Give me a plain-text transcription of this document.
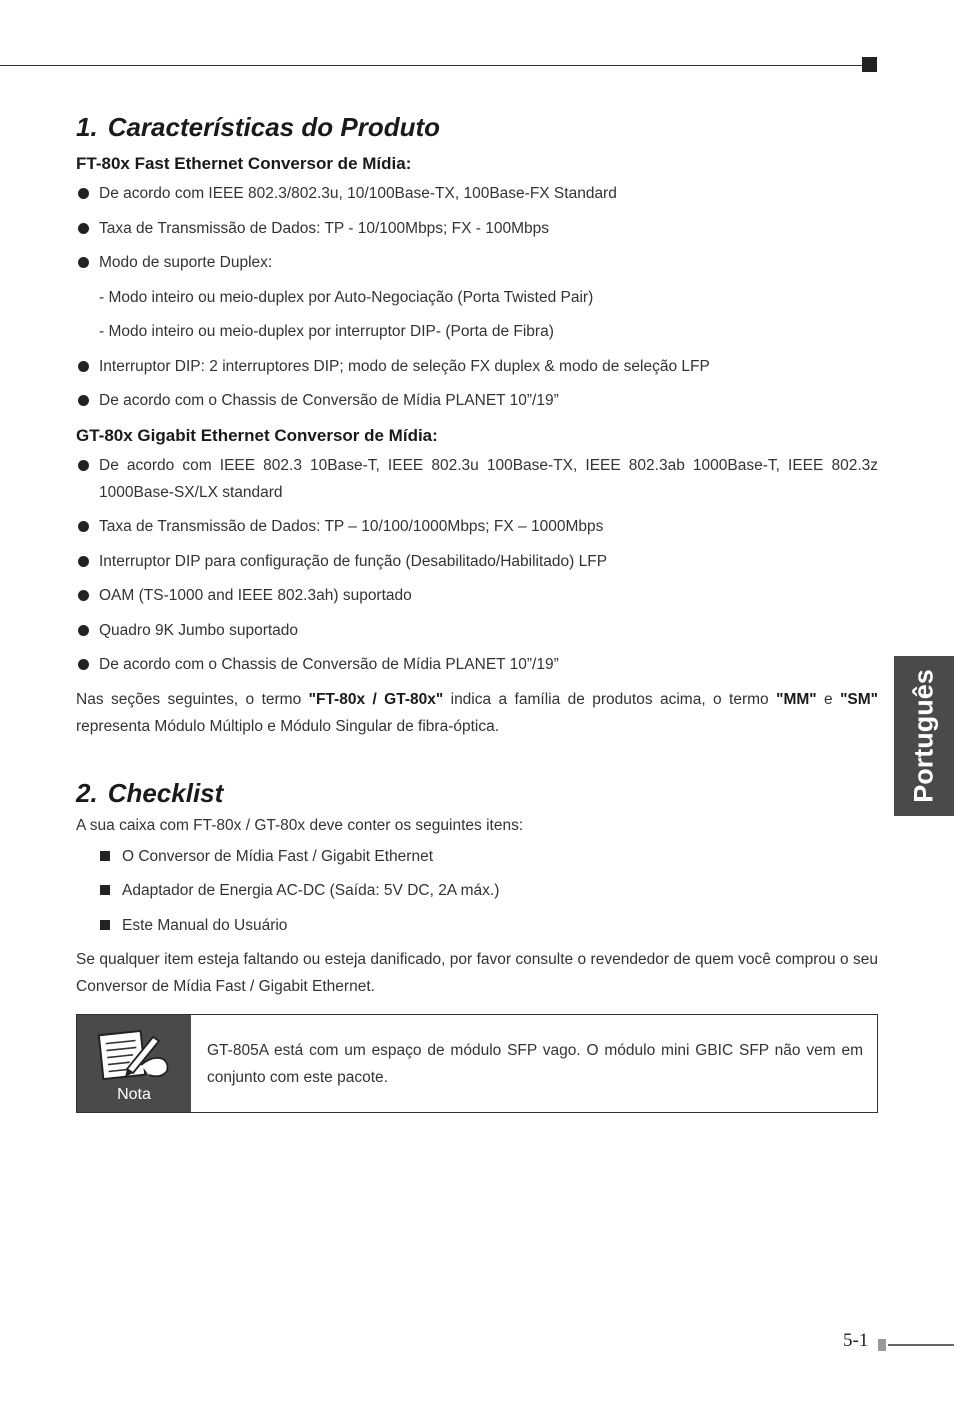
Português
1. Características do Produto
FT-80x Fast Ethernet Conversor de Mídia:
De acordo com IEEE 802.3/802.3u, 10/100Base-TX, 100Base-FX Standard
Taxa de Transmissão de Dados: TP - 10/100Mbps; FX - 100Mbps
Modo de suporte Duplex:
- Modo inteiro ou meio-duplex por Auto-Negociação (Porta Twisted Pair)
- Modo inteiro ou meio-duplex por interruptor DIP- (Porta de Fibra)
Interruptor DIP: 2 interruptores DIP; modo de seleção FX duplex & modo de seleção LFP
De acordo com o Chassis de Conversão de Mídia PLANET 10”/19”
GT-80x Gigabit Ethernet Conversor de Mídia:
De acordo com IEEE 802.3 10Base-T, IEEE 802.3u 100Base-TX, IEEE 802.3ab 1000Base-T, IEEE 802.3z 1000Base-SX/LX standard
Taxa de Transmissão de Dados: TP – 10/100/1000Mbps; FX – 1000Mbps
Interruptor DIP para configuração de função (Desabilitado/Habilitado) LFP
OAM (TS-1000 and IEEE 802.3ah) suportado
Quadro 9K Jumbo suportado
De acordo com o Chassis de Conversão de Mídia PLANET 10”/19”

Nas seções seguintes, o termo "FT-80x / GT-80x" indica a família de produtos acima, o termo "MM" e "SM" representa Módulo Múltiplo e Módulo Singular de fibra-óptica.

2. Checklist

A sua caixa com FT-80x / GT-80x deve conter os seguintes itens:

O Conversor de Mídia Fast / Gigabit Ethernet
Adaptador de Energia AC-DC (Saída: 5V DC, 2A máx.)
Este Manual do Usuário

Se qualquer item esteja faltando ou esteja danificado, por favor consulte o revendedor de quem você comprou o seu Conversor de Mídia Fast / Gigabit Ethernet.

Nota
GT-805A está com um espaço de módulo SFP vago. O módulo mini GBIC SFP não vem em conjunto com este pacote.
5-1
